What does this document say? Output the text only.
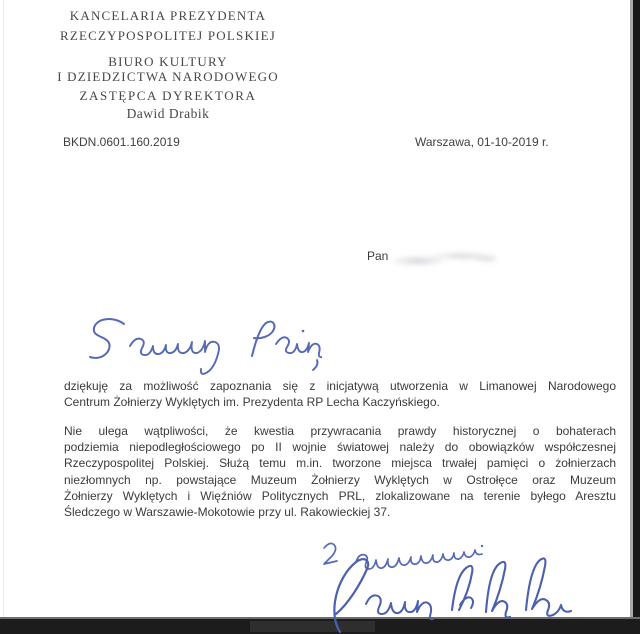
KANCELARIA PREZYDENTA
RZECZYPOSPOLITEJ POLSKIEJ
BIURO KULTURY
I DZIEDZICTWA NARODOWEGO
ZASTĘPCA DYREKTORA
Dawid Drabik
BKDN.0601.160.2019	Warszawa, 01-10-2019 r.
Pan
dziękuję za możliwość zapoznania się z inicjatywą utworzenia w Limanowej Narodowego
Centrum Żołnierzy Wyklętych im. Prezydenta RP Lecha Kaczyńskiego.
Nie ulega wątpliwości, że kwestia przywracania prawdy historycznej o bohaterach
podziemia niepodległościowego po II wojnie światowej należy do obowiązków współczesnej
Rzeczypospolitej Polskiej. Służą temu m.in. tworzone miejsca trwałej pamięci o żołnierzach
niezłomnych np. powstające Muzeum Żołnierzy Wyklętych w Ostrołęce oraz Muzeum
Żołnierzy Wyklętych i Więźniów Politycznych PRL, zlokalizowane na terenie byłego Aresztu
Śledczego w Warszawie-Mokotowie przy ul. Rakowieckiej 37.
